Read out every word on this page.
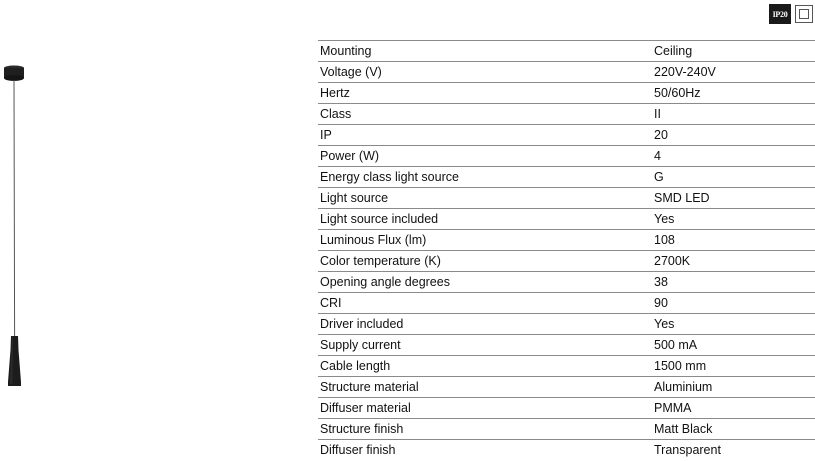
IP20
Mounting	Ceiling
Voltage (V)	220V-240V
Hertz	50/60Hz
Class	II
IP	20
Power (W)	4
Energy class light source	G
Light source	SMD LED
Light source included	Yes
Luminous Flux (lm)	108
Color temperature (K)	2700K
Opening angle degrees	38
CRI	90
Driver included	Yes
Supply current	500 mA
Cable length	1500 mm
Structure material	Aluminium
Diffuser material	PMMA
Structure finish	Matt Black
Diffuser finish	Transparent
